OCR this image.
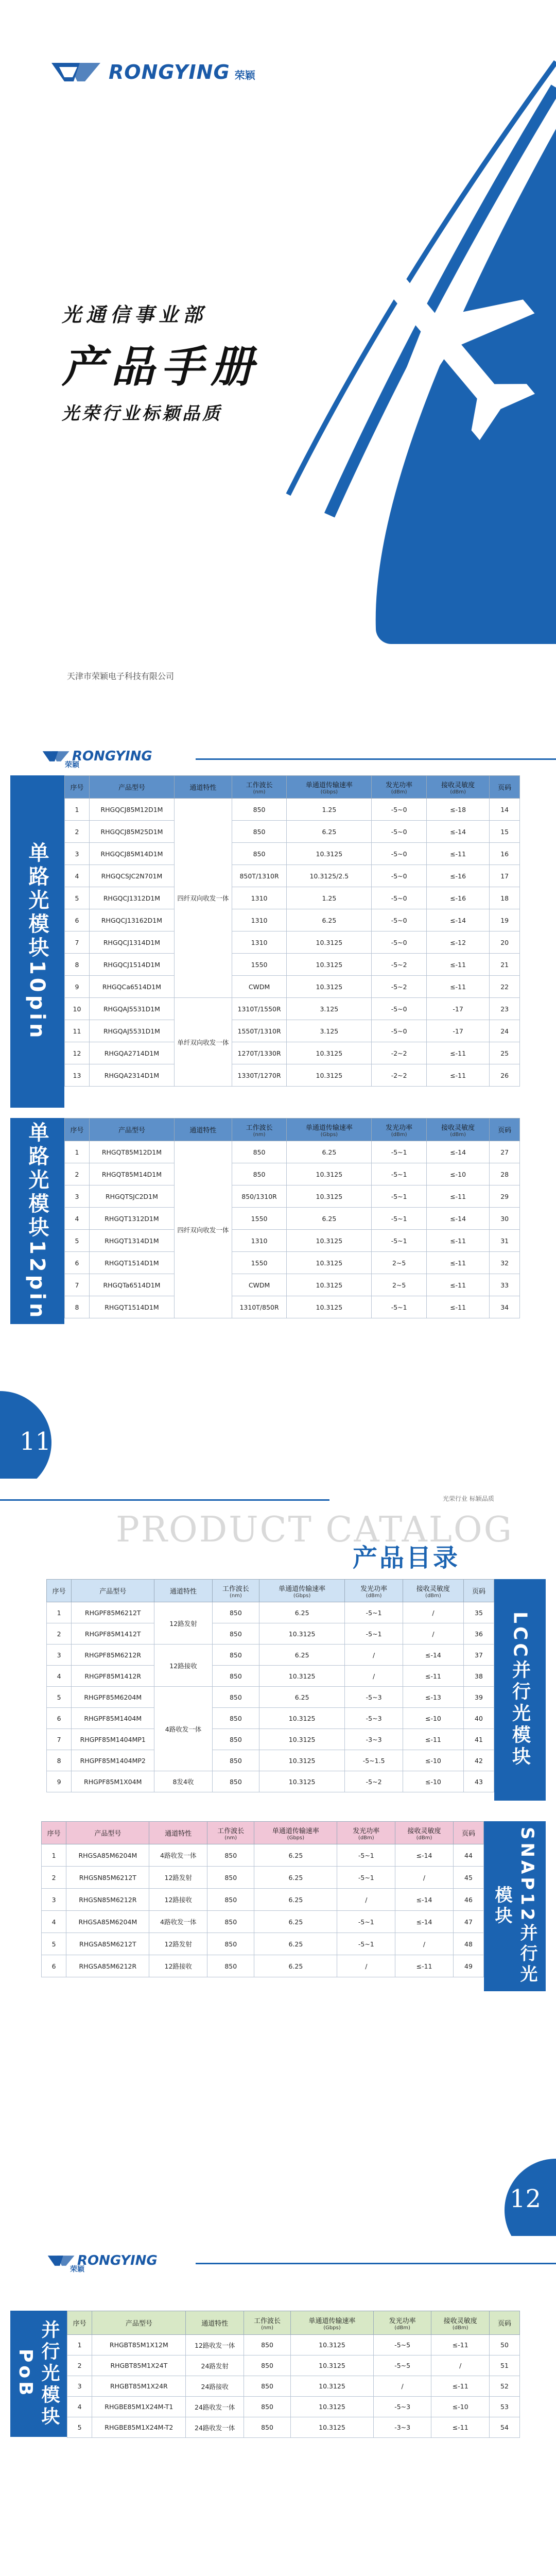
RONGYING 荣颖
光通信事业部
产品手册
光荣行业标颖品质
天津市荣颖电子科技有限公司
RONGYING
荣颖
单路光模块10pin
序号	产品型号	通道特性	工作波长
(nm)	单通道传输速率
(Gbps)	发光功率
(dBm)	接收灵敏度
(dBm)	页码
1	RHGQCJ85M12D1M	四纤双向收发一体	850	1.25	-5~0	≤-18	14
2	RHGQCJ85M25D1M		850	6.25	-5~0	≤-14	15
3	RHGQCJ85M14D1M		850	10.3125	-5~0	≤-11	16
4	RHGQCSJC2N701M		850T/1310R	10.3125/2.5	-5~0	≤-16	17
5	RHGQCJ1312D1M		1310	1.25	-5~0	≤-16	18
6	RHGQCJ13162D1M		1310	6.25	-5~0	≤-14	19
7	RHGQCJ1314D1M		1310	10.3125	-5~0	≤-12	20
8	RHGQCJ1514D1M		1550	10.3125	-5~2	≤-11	21
9	RHGQCa6514D1M		CWDM	10.3125	-5~2	≤-11	22
10	RHGQAJ5531D1M	单纤双向收发一体	1310T/1550R	3.125	-5~0	-17	23
11	RHGQAJ5531D1M		1550T/1310R	3.125	-5~0	-17	24
12	RHGQA2714D1M		1270T/1330R	10.3125	-2~2	≤-11	25
13	RHGQA2314D1M		1330T/1270R	10.3125	-2~2	≤-11	26
单路光模块12pin	序号	产品型号	通道特性	工作波长
(nm)	单通道传输速率
(Gbps)	发光功率
(dBm)	接收灵敏度
(dBm)	页码
1	RHGQT85M12D1M	四纤双向收发一体	850	6.25	-5~1	≤-14	27
2	RHGQT85M14D1M		850	10.3125	-5~1	≤-10	28
3	RHGQTSJC2D1M		850/1310R	10.3125	-5~1	≤-11	29
4	RHGQT1312D1M		1550	6.25	-5~1	≤-14	30
5	RHGQT1314D1M		1310	10.3125	-5~1	≤-11	31
6	RHGQT1514D1M		1550	10.3125	2~5	≤-11	32
7	RHGQTa6514D1M		CWDM	10.3125	2~5	≤-11	33
8	RHGQT1514D1M		1310T/850R	10.3125	-5~1	≤-11	34
11
光荣行业 标颖品质
PRODUCT CATALOG
产品目录
序号	产品型号	通道特性	工作波长
(nm)	单通道传输速率
(Gbps)	发光功率
(dBm)	接收灵敏度
(dBm)	页码
1	RHGPF85M6212T	12路发射	850	6.25	-5~1	/	35
2	RHGPF85M1412T		850	10.3125	-5~1	/	36
3	RHGPF85M6212R	12路接收	850	6.25	/	≤-14	37
4	RHGPF85M1412R		850	10.3125	/	≤-11	38
5	RHGPF85M6204M	4路收发一体	850	6.25	-5~3	≤-13	39
6	RHGPF85M1404M		850	10.3125	-5~3	≤-10	40
7	RHGPF85M1404MP1		850	10.3125	-3~3	≤-11	41
8	RHGPF85M1404MP2		850	10.3125	-5~1.5	≤-10	42
9	RHGPF85M1X04M	8发4收	850	10.3125	-5~2	≤-10	43
LCC并行光模块
序号	产品型号	通道特性	工作波长
(nm)	单通道传输速率
(Gbps)	发光功率
(dBm)	接收灵敏度
(dBm)	页码
1	RHGSA85M6204M	4路收发一体	850	6.25	-5~1	≤-14	44
2	RHGSN85M6212T	12路发射	850	6.25	-5~1	/	45
3	RHGSN85M6212R	12路接收	850	6.25	/	≤-14	46
4	RHGSA85M6204M	4路收发一体	850	6.25	-5~1	≤-14	47
5	RHGSA85M6212T	12路发射	850	6.25	-5~1	/	48
6	RHGSA85M6212R	12路接收	850	6.25	/	≤-11	49	SNAP12并行光模块
12
RONGYING
荣颖
并行光模块PoB
序号	产品型号	通道特性	工作波长
(nm)	单通道传输速率
(Gbps)	发光功率
(dBm)	接收灵敏度
(dBm)	页码
1	RHGBT85M1X12M	12路收发一体	850	10.3125	-5~5	≤-11	50
2	RHGBT85M1X24T	24路发射	850	10.3125	-5~5	/	51
3	RHGBT85M1X24R	24路接收	850	10.3125	/	≤-11	52
4	RHGBE85M1X24M-T1	24路收发一体	850	10.3125	-5~3	≤-10	53
5	RHGBE85M1X24M-T2	24路收发一体	850	10.3125	-3~3	≤-11	54
